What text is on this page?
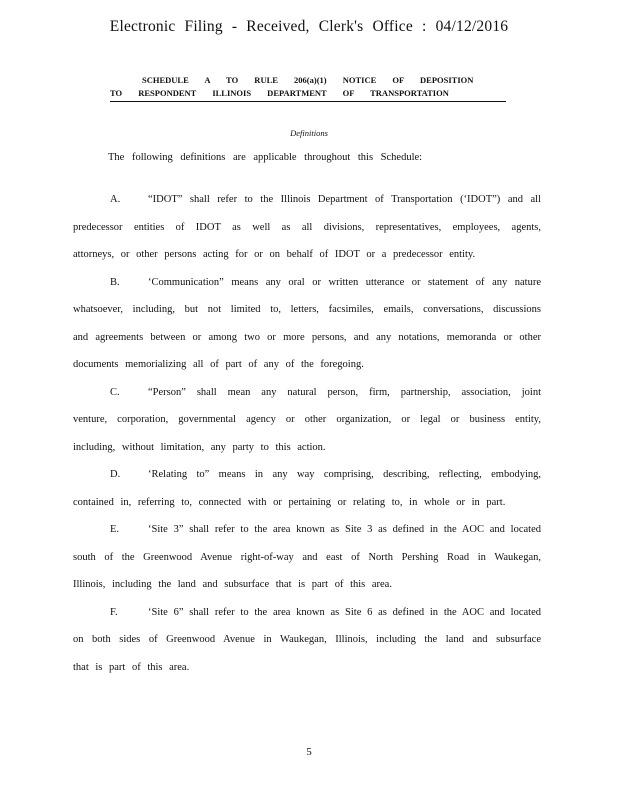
Electronic Filing - Received, Clerk's Office : 04/12/2016
SCHEDULE A TO RULE 206(a)(1) NOTICE OF DEPOSITION
TO RESPONDENT ILLINOIS DEPARTMENT OF TRANSPORTATION
Definitions
The following definitions are applicable throughout this Schedule:
A.	“IDOT” shall refer to the Illinois Department of Transportation (‘IDOT”) and all
predecessor entities of IDOT as well as all divisions, representatives, employees, agents,
attorneys, or other persons acting for or on behalf of IDOT or a predecessor entity.
B.	‘Communication” means any oral or written utterance or statement of any nature
whatsoever, including, but not limited to, letters, facsimiles, emails, conversations, discussions
and agreements between or among two or more persons, and any notations, memoranda or other
documents memorializing all of part of any of the foregoing.
C.	“Person” shall mean any natural person, firm, partnership, association, joint
venture, corporation, governmental agency or other organization, or legal or business entity,
including, without limitation, any party to this action.
D.	‘Relating to” means in any way comprising, describing, reflecting, embodying,
contained in, referring to, connected with or pertaining or relating to, in whole or in part.
E.	‘Site 3” shall refer to the area known as Site 3 as defined in the AOC and located
south of the Greenwood Avenue right-of-way and east of North Pershing Road in Waukegan,
Illinois, including the land and subsurface that is part of this area.
F.	‘Site 6” shall refer to the area known as Site 6 as defined in the AOC and located
on both sides of Greenwood Avenue in Waukegan, Illinois, including the land and subsurface
that is part of this area.
5
